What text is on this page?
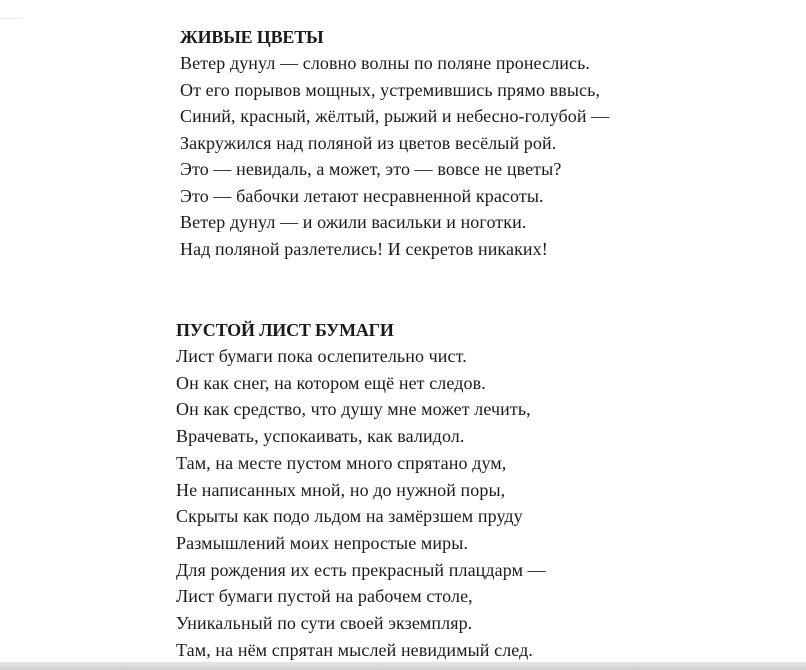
ЖИВЫЕ ЦВЕТЫ
Ветер дунул — словно волны по поляне пронеслись.
От его порывов мощных, устремившись прямо ввысь,
Синий, красный, жёлтый, рыжий и небесно-голубой —
Закружился над поляной из цветов весёлый рой.
Это — невидаль, а может, это — вовсе не цветы?
Это — бабочки летают несравненной красоты.
Ветер дунул — и ожили васильки и ноготки.
Над поляной разлетелись! И секретов никаких!
ПУСТОЙ ЛИСТ БУМАГИ
Лист бумаги пока ослепительно чист.
Он как снег, на котором ещё нет следов.
Он как средство, что душу мне может лечить,
Врачевать, успокаивать, как валидол.
Там, на месте пустом много спрятано дум,
Не написанных мной, но до нужной поры,
Скрыты как подо льдом на замёрзшем пруду
Размышлений моих непростые миры.
Для рождения их есть прекрасный плацдарм —
Лист бумаги пустой на рабочем столе,
Уникальный по сути своей экземпляр.
Там, на нём спрятан мыслей невидимый след.
